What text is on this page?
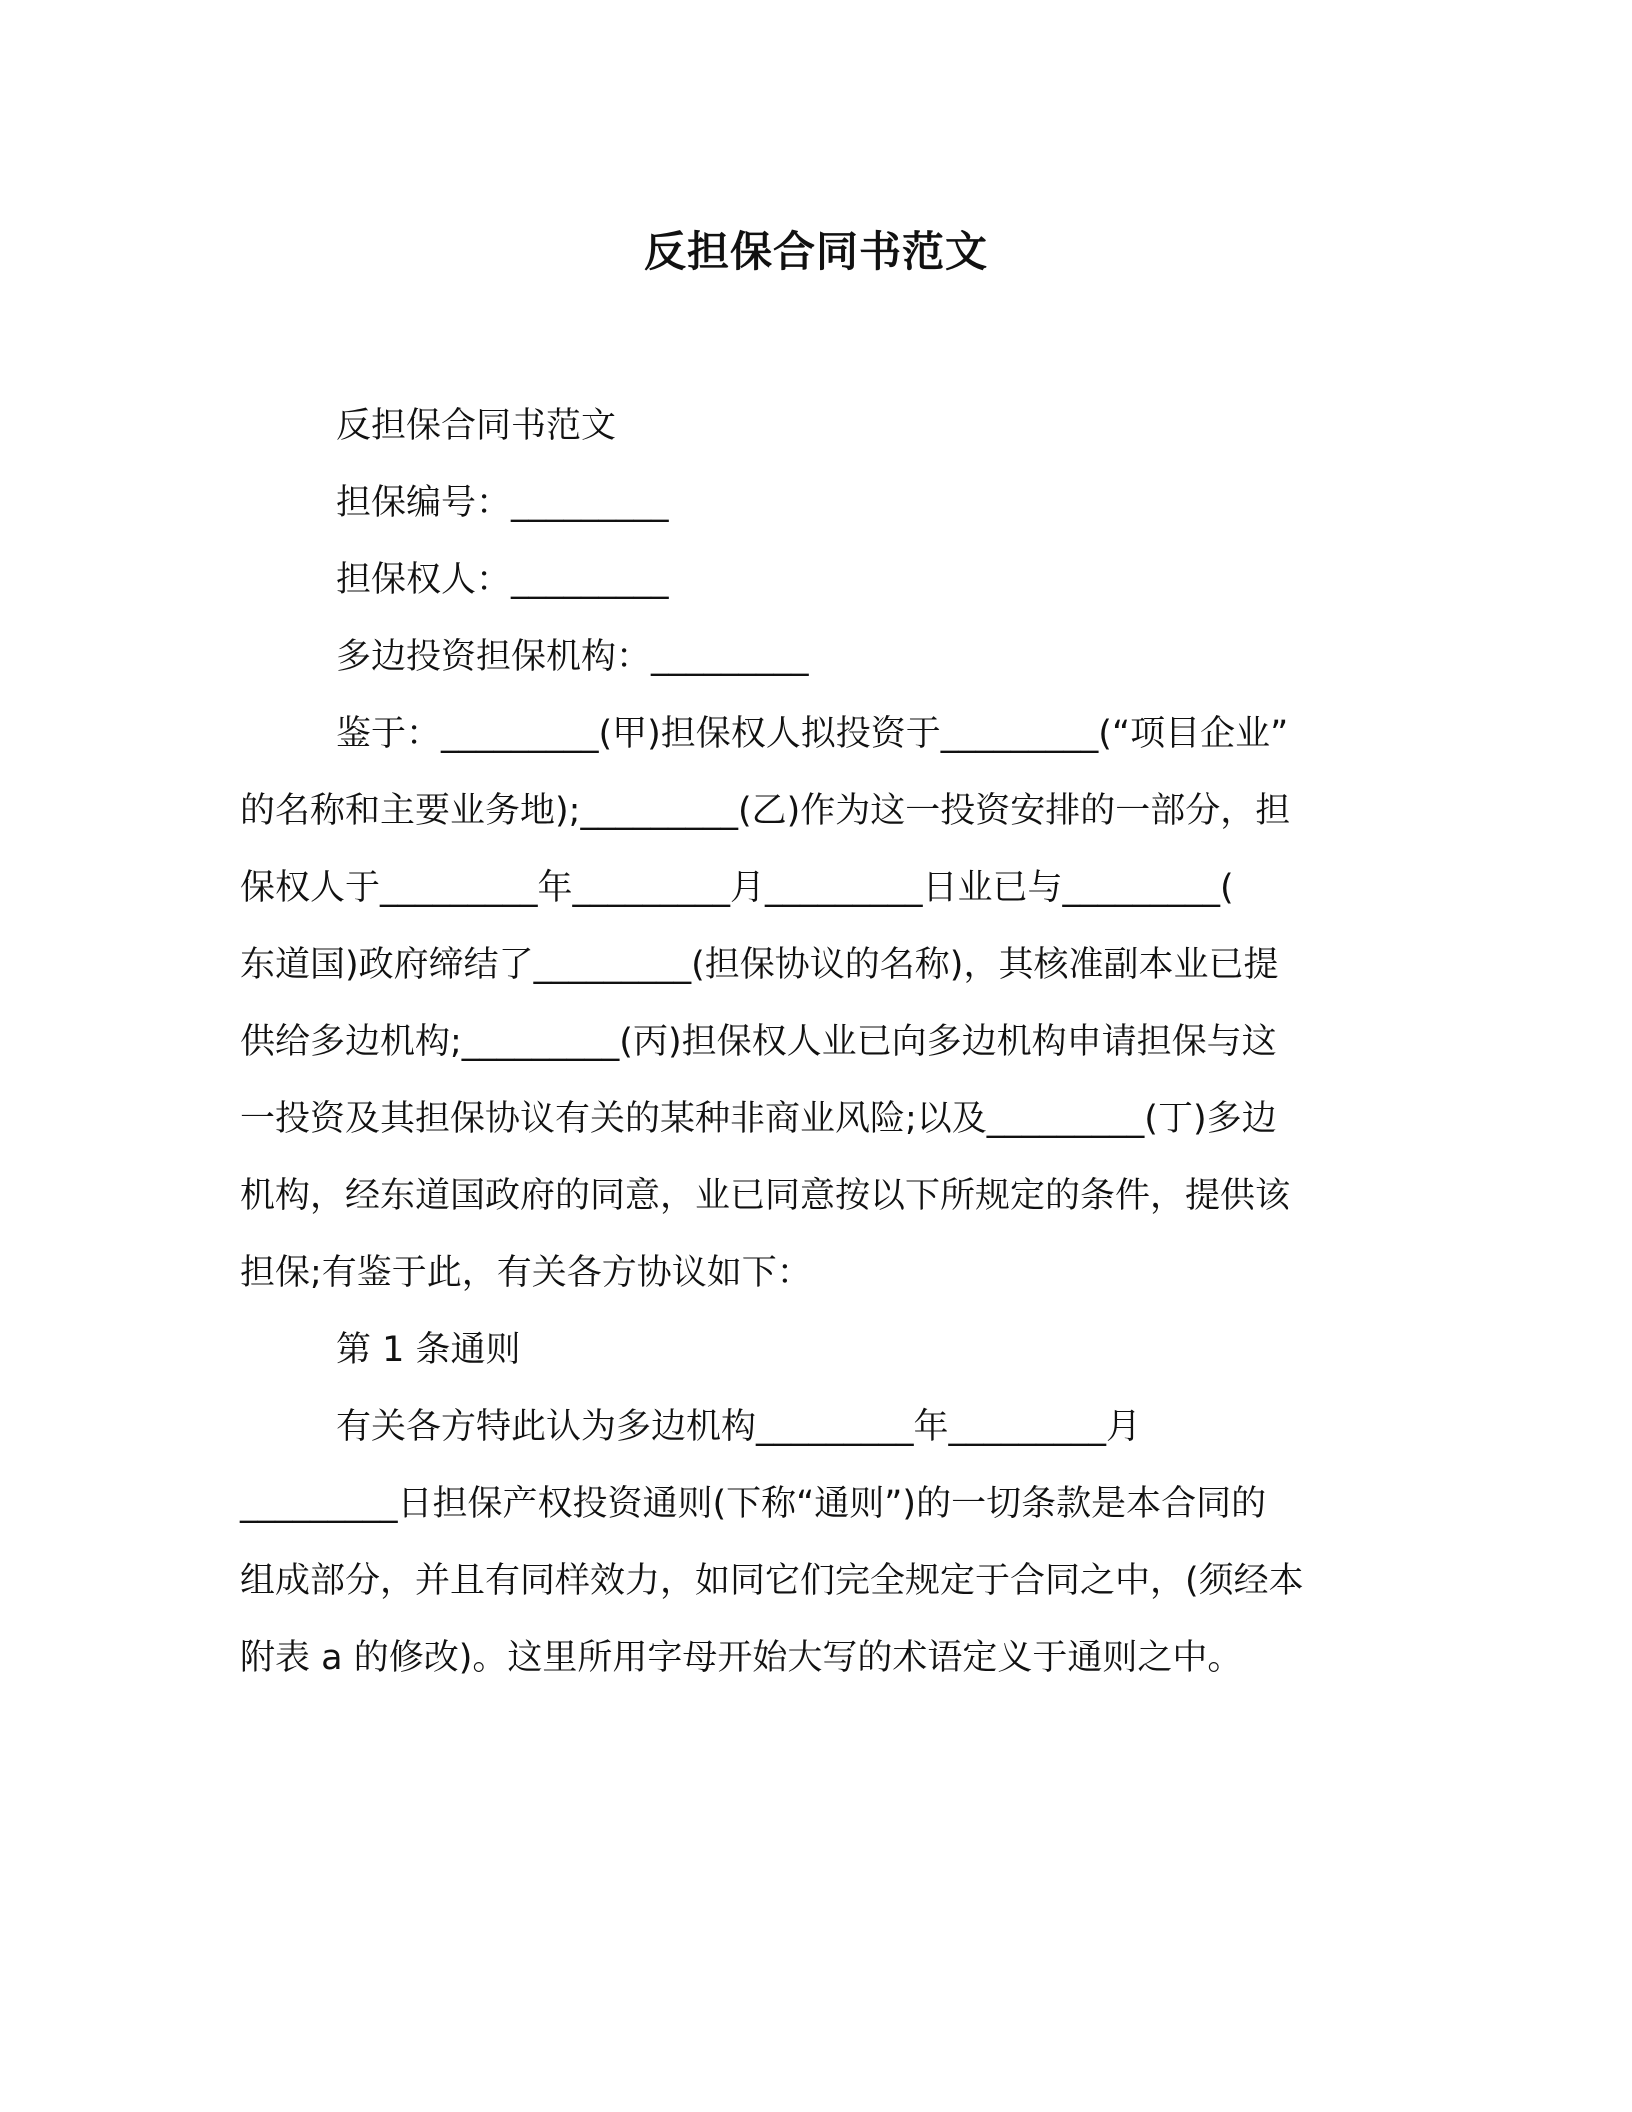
反担保合同书范文

反担保合同书范文

担保编号：_________

担保权人：_________

多边投资担保机构：_________

鉴于：_________(甲)担保权人拟投资于_________(“项目企业”
的名称和主要业务地);_________(乙)作为这一投资安排的一部分，担
保权人于_________年_________月_________日业已与_________(
东道国)政府缔结了_________(担保协议的名称)，其核准副本业已提
供给多边机构;_________(丙)担保权人业已向多边机构申请担保与这
一投资及其担保协议有关的某种非商业风险;以及_________(丁)多边
机构，经东道国政府的同意，业已同意按以下所规定的条件，提供该
担保;有鉴于此，有关各方协议如下：

第 1 条通则

有关各方特此认为多边机构_________年_________月
_________日担保产权投资通则(下称“通则”)的一切条款是本合同的
组成部分，并且有同样效力，如同它们完全规定于合同之中，(须经本
附表 a 的修改)。这里所用字母开始大写的术语定义于通则之中。
